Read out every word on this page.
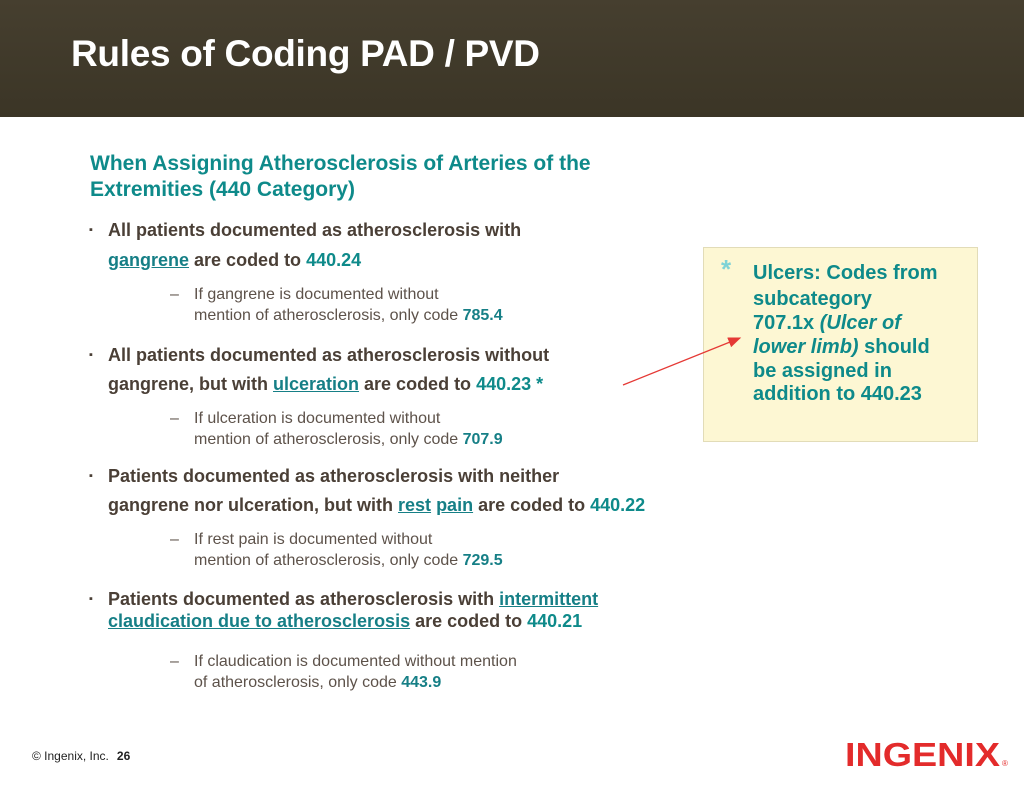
Rules of Coding PAD / PVD
When Assigning Atherosclerosis of Arteries of the
Extremities (440 Category)
▪ All patients documented as atherosclerosis with
gangrene are coded to 440.24
– If gangrene is documented without
mention of atherosclerosis, only code 785.4
▪ All patients documented as atherosclerosis without
gangrene, but with ulceration are coded to 440.23 *
– If ulceration is documented without
mention of atherosclerosis, only code 707.9
▪ Patients documented as atherosclerosis with neither
gangrene nor ulceration, but with rest pain are coded to 440.22
– If rest pain is documented without
mention of atherosclerosis, only code 729.5
▪ Patients documented as atherosclerosis with intermittent
claudication due to atherosclerosis are coded to 440.21
– If claudication is documented without mention
of atherosclerosis, only code 443.9
* Ulcers: Codes from
subcategory
707.1x (Ulcer of
lower limb) should
be assigned in
addition to 440.23
© Ingenix, Inc. 26	INGENIX ®
